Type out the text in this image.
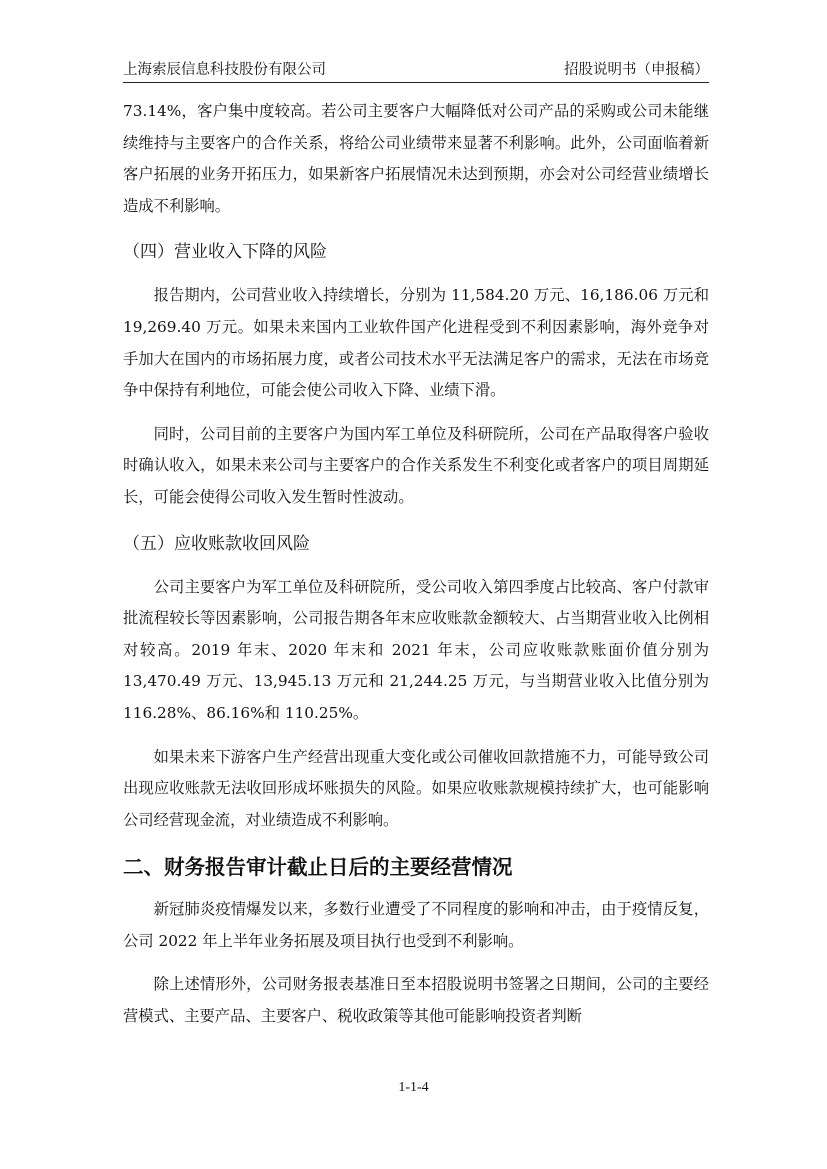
上海索辰信息科技股份有限公司	招股说明书（申报稿）

73.14%，客户集中度较高。若公司主要客户大幅降低对公司产品的采购或公司未能继续维持与主要客户的合作关系，将给公司业绩带来显著不利影响。此外，公司面临着新客户拓展的业务开拓压力，如果新客户拓展情况未达到预期，亦会对公司经营业绩增长造成不利影响。

（四）营业收入下降的风险

报告期内，公司营业收入持续增长，分别为 11,584.20 万元、16,186.06 万元和 19,269.40 万元。如果未来国内工业软件国产化进程受到不利因素影响，海外竞争对手加大在国内的市场拓展力度，或者公司技术水平无法满足客户的需求，无法在市场竞争中保持有利地位，可能会使公司收入下降、业绩下滑。

同时，公司目前的主要客户为国内军工单位及科研院所，公司在产品取得客户验收时确认收入，如果未来公司与主要客户的合作关系发生不利变化或者客户的项目周期延长，可能会使得公司收入发生暂时性波动。

（五）应收账款收回风险

公司主要客户为军工单位及科研院所，受公司收入第四季度占比较高、客户付款审批流程较长等因素影响，公司报告期各年末应收账款金额较大、占当期营业收入比例相对较高。2019 年末、2020 年末和 2021 年末，公司应收账款账面价值分别为 13,470.49 万元、13,945.13 万元和 21,244.25 万元，与当期营业收入比值分别为 116.28%、86.16%和 110.25%。

如果未来下游客户生产经营出现重大变化或公司催收回款措施不力，可能导致公司出现应收账款无法收回形成坏账损失的风险。如果应收账款规模持续扩大，也可能影响公司经营现金流，对业绩造成不利影响。

二、财务报告审计截止日后的主要经营情况

新冠肺炎疫情爆发以来，多数行业遭受了不同程度的影响和冲击，由于疫情反复，公司 2022 年上半年业务拓展及项目执行也受到不利影响。

除上述情形外，公司财务报表基准日至本招股说明书签署之日期间，公司的主要经营模式、主要产品、主要客户、税收政策等其他可能影响投资者判断

1-1-4
